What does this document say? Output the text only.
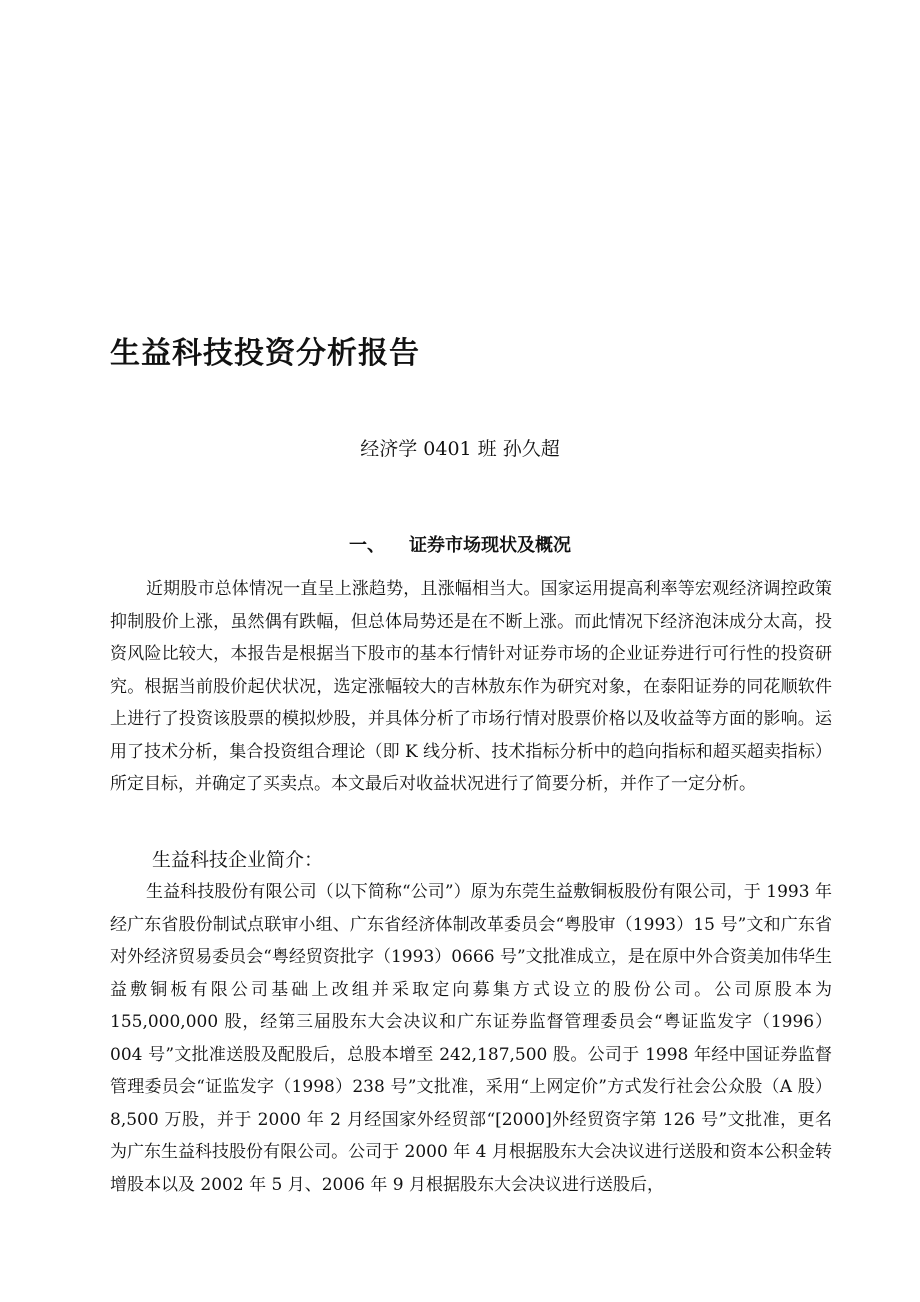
生益科技投资分析报告
经济学 0401 班 孙久超
一、 证券市场现状及概况

近期股市总体情况一直呈上涨趋势，且涨幅相当大。国家运用提高利率等宏观经济调控政策抑制股价上涨，虽然偶有跌幅，但总体局势还是在不断上涨。而此情况下经济泡沫成分太高，投资风险比较大，本报告是根据当下股市的基本行情针对证券市场的企业证券进行可行性的投资研究。根据当前股价起伏状况，选定涨幅较大的吉林敖东作为研究对象，在泰阳证券的同花顺软件上进行了投资该股票的模拟炒股，并具体分析了市场行情对股票价格以及收益等方面的影响。运用了技术分析，集合投资组合理论（即 K 线分析、技术指标分析中的趋向指标和超买超卖指标）所定目标，并确定了买卖点。本文最后对收益状况进行了简要分析，并作了一定分析。

生益科技企业简介：

生益科技股份有限公司（以下简称“公司”）原为东莞生益敷铜板股份有限公司，于 1993 年经广东省股份制试点联审小组、广东省经济体制改革委员会“粤股审（1993）15 号”文和广东省对外经济贸易委员会“粤经贸资批字（1993）0666 号”文批准成立，是在原中外合资美加伟华生益敷铜板有限公司基础上改组并采取定向募集方式设立的股份公司。公司原股本为 155,000,000 股，经第三届股东大会决议和广东证券监督管理委员会“粤证监发字（1996）004 号”文批准送股及配股后，总股本增至 242,187,500 股。公司于 1998 年经中国证券监督管理委员会“证监发字（1998）238 号”文批准，采用“上网定价”方式发行社会公众股（A 股）8,500 万股，并于 2000 年 2 月经国家外经贸部“[2000]外经贸资字第 126 号”文批准，更名为广东生益科技股份有限公司。公司于 2000 年 4 月根据股东大会决议进行送股和资本公积金转增股本以及 2002 年 5 月、2006 年 9 月根据股东大会决议进行送股后，
